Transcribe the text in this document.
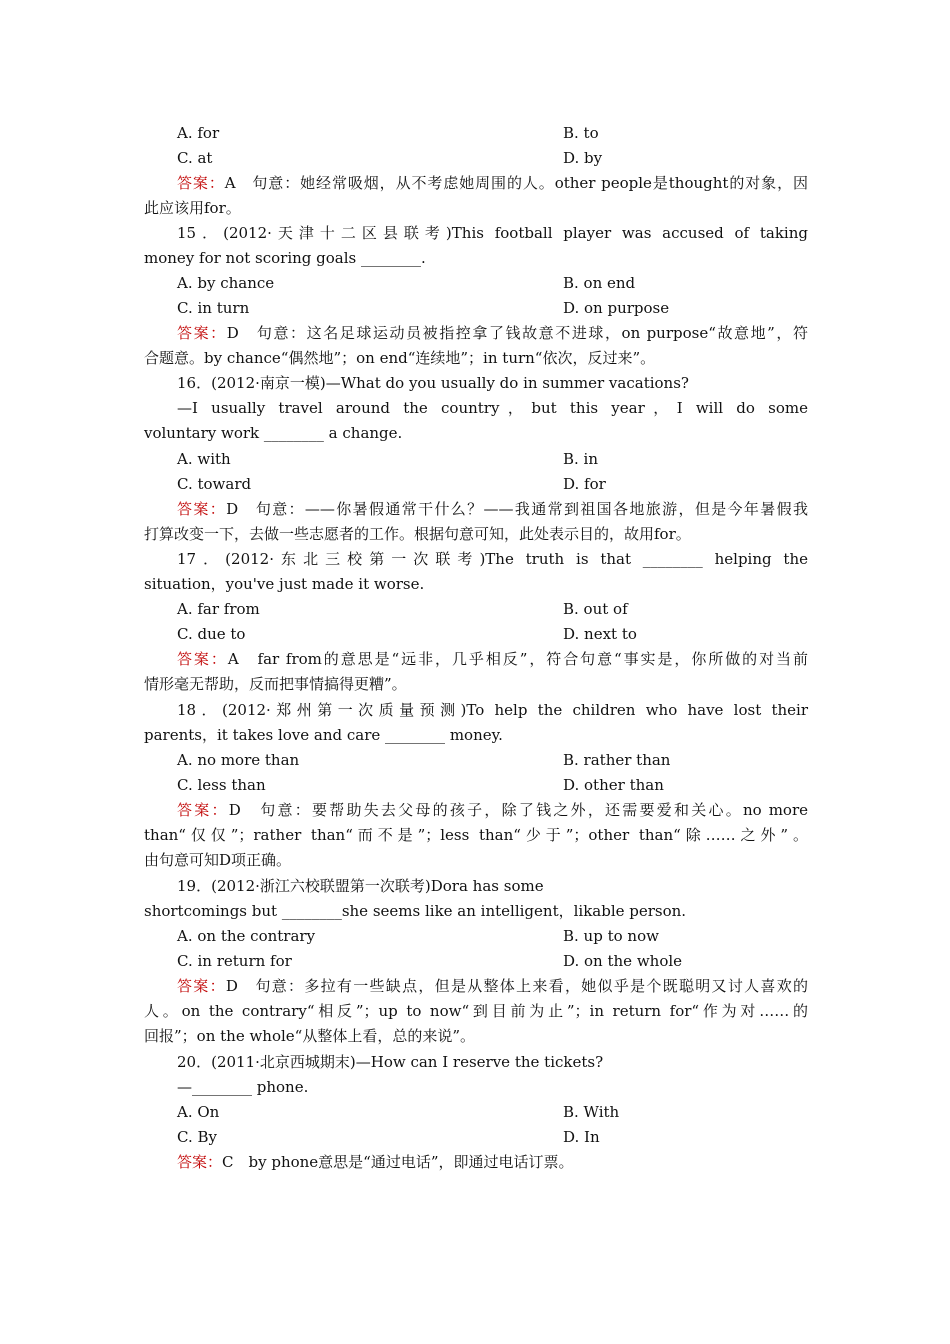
A. for	B. to
C. at	D. by
答案：A　句意：她经常吸烟，从不考虑她周围的人。other people是thought的对象，因
此应该用for。
15．(2012·天津十二区县联考)This football player was accused of taking
money for not scoring goals ________.
A. by chance	B. on end
C. in turn	D. on purpose
答案：D　句意：这名足球运动员被指控拿了钱故意不进球，on purpose“故意地”，符
合题意。by chance“偶然地”；on end“连续地”；in turn“依次，反过来”。
16．(2012·南京一模)—What do you usually do in summer vacations?
—I usually travel around the country，but this year，I will do some
voluntary work ________ a change.
A. with	B. in
C. toward	D. for
答案：D　句意：——你暑假通常干什么？——我通常到祖国各地旅游，但是今年暑假我
打算改变一下，去做一些志愿者的工作。根据句意可知，此处表示目的，故用for。
17．(2012·东北三校第一次联考)The truth is that ________ helping the
situation，you've just made it worse.
A. far from	B. out of
C. due to	D. next to
答案：A　far from的意思是“远非，几乎相反”，符合句意“事实是，你所做的对当前
情形毫无帮助，反而把事情搞得更糟”。
18．(2012·郑州第一次质量预测)To help the children who have lost their
parents，it takes love and care ________ money.
A. no more than	B. rather than
C. less than	D. other than
答案：D　句意：要帮助失去父母的孩子，除了钱之外，还需要爱和关心。no more
than“仅仅”；rather than“而不是”；less than“少于”；other than“除……之外”。
由句意可知D项正确。
19．(2012·浙江六校联盟第一次联考)Dora has some
shortcomings but ________she seems like an intelligent，likable person.
A. on the contrary	B. up to now
C. in return for	D. on the whole
答案：D　句意：多拉有一些缺点，但是从整体上来看，她似乎是个既聪明又讨人喜欢的
人。on the contrary“相反”；up to now“到目前为止”；in return for“作为对……的
回报”；on the whole“从整体上看，总的来说”。
20．(2011·北京西城期末)—How can I reserve the tickets?
—________ phone.
A. On	B. With
C. By	D. In
答案：C　by phone意思是“通过电话”，即通过电话订票。
